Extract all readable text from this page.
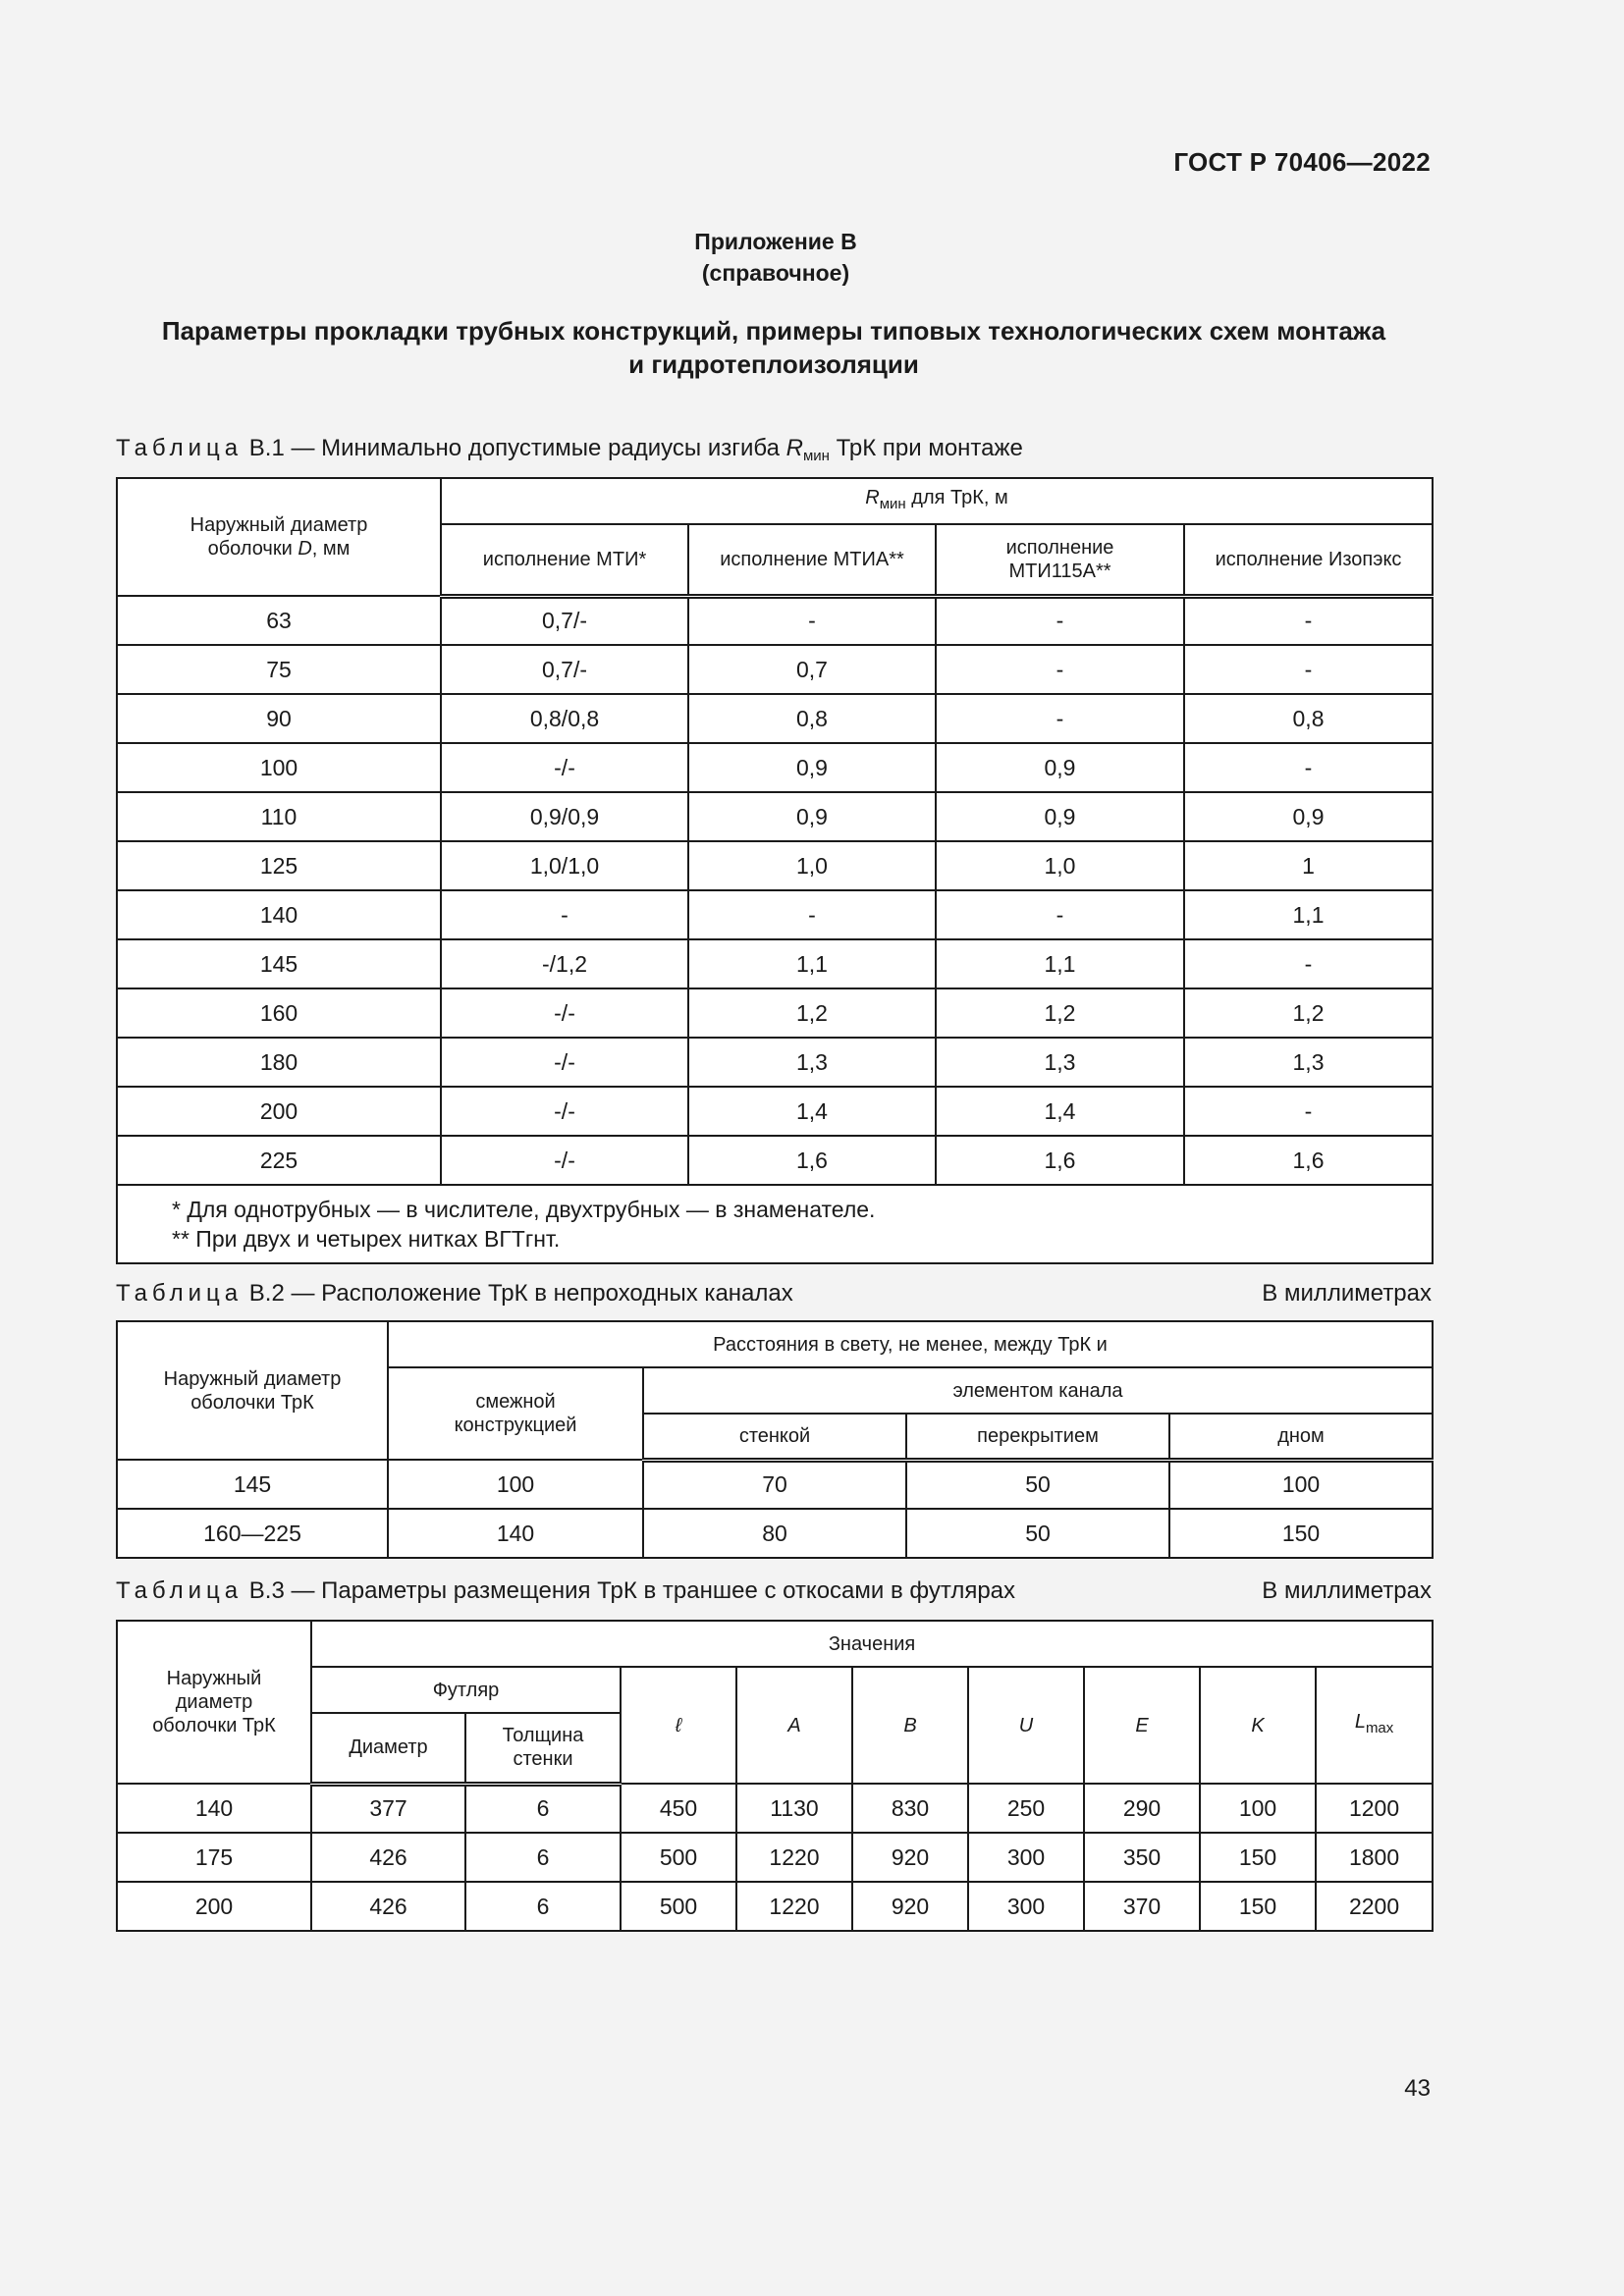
ГОСТ Р 70406—2022
Приложение В
(справочное)
Параметры прокладки трубных конструкций, примеры типовых технологических схем монтажа
и гидротеплоизоляции
Таблица В.1 — Минимально допустимые радиусы изгиба $R_{мин}$ ТрК при монтаже
Наружный диаметр
оболочки D, мм	$R_{мин}$ для ТрК, м			
	исполнение МТИ*	исполнение МТИА**	исполнение МТИ115А**	исполнение Изопэкс
63	0,7/-	-	-	-
75	0,7/-	0,7	-	-
90	0,8/0,8	0,8	-	0,8
100	-/-	0,9	0,9	-
110	0,9/0,9	0,9	0,9	0,9
125	1,0/1,0	1,0	1,0	1
140	-	-	-	1,1
145	-/1,2	1,1	1,1	-
160	-/-	1,2	1,2	1,2
180	-/-	1,3	1,3	1,3
200	-/-	1,4	1,4	-
225	-/-	1,6	1,6	1,6

* Для однотрубных — в числителе, двухтрубных — в знаменателе.
** При двух и четырех нитках ВГТгнт.				
Таблица В.2 — Расположение ТрК в непроходных каналах	В миллиметрах
Наружный диаметр оболочки ТрК	Расстояния в свету, не менее, между ТрК и			
	смежной конструкцией	элементом канала		
		стенкой	перекрытием	дном
145	100	70	50	100
160—225	140	80	50	150
Таблица В.3 — Параметры размещения ТрК в траншее с откосами в футлярах	В миллиметрах
Наружный диаметр оболочки ТрК	Значения								
	Футляр		ℓ	A	B	U	E	K	$L_{max}$
	Диаметр	Толщина стенки							
140	377	6	450	1130	830	250	290	100	1200
175	426	6	500	1220	920	300	350	150	1800
200	426	6	500	1220	920	300	370	150	2200
43
